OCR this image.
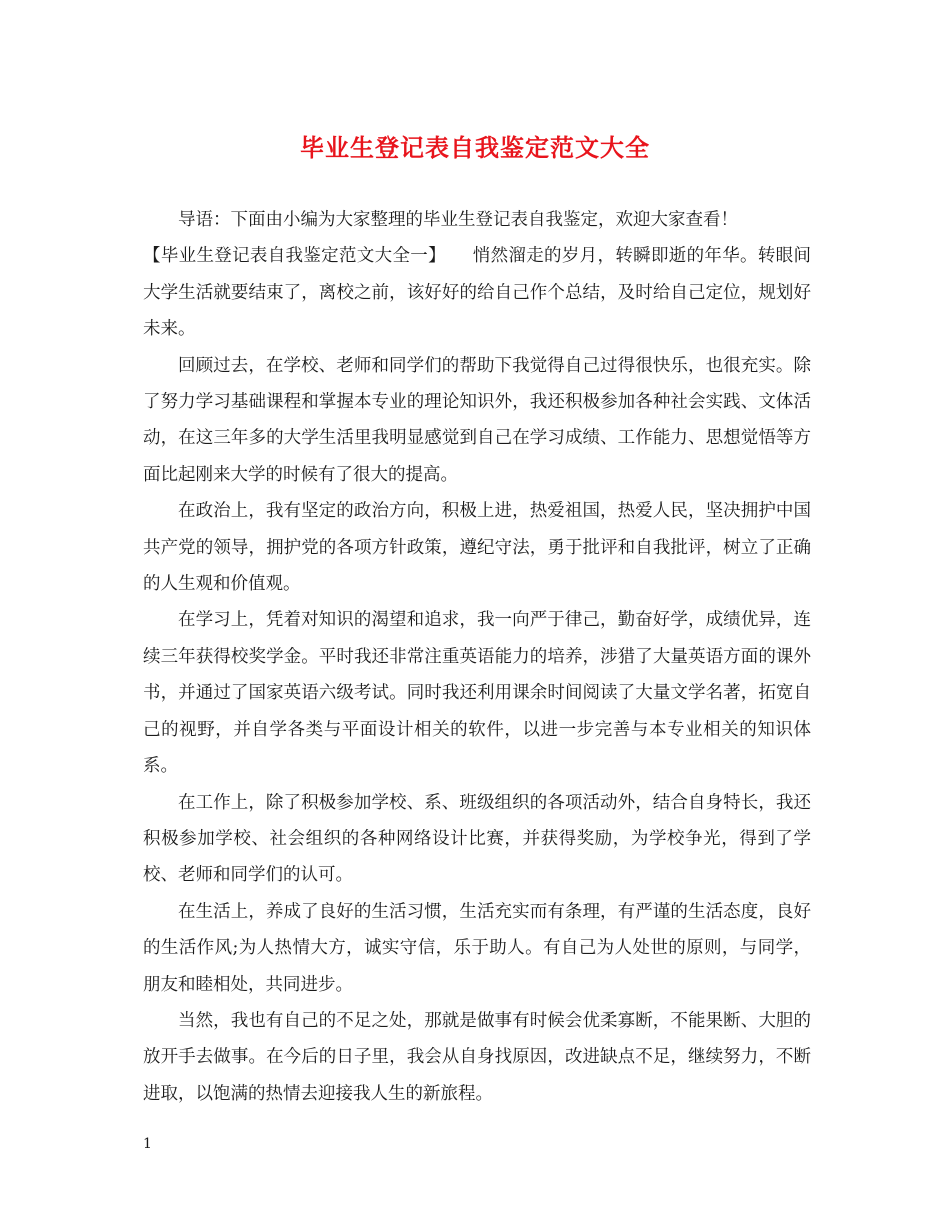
毕业生登记表自我鉴定范文大全

导语：下面由小编为大家整理的毕业生登记表自我鉴定，欢迎大家查看！

【毕业生登记表自我鉴定范文大全一】　　悄然溜走的岁月，转瞬即逝的年华。转眼间大学生活就要结束了，离校之前，该好好的给自己作个总结，及时给自己定位，规划好未来。

回顾过去，在学校、老师和同学们的帮助下我觉得自己过得很快乐，也很充实。除了努力学习基础课程和掌握本专业的理论知识外，我还积极参加各种社会实践、文体活动，在这三年多的大学生活里我明显感觉到自己在学习成绩、工作能力、思想觉悟等方面比起刚来大学的时候有了很大的提高。

在政治上，我有坚定的政治方向，积极上进，热爱祖国，热爱人民，坚决拥护中国共产党的领导，拥护党的各项方针政策，遵纪守法，勇于批评和自我批评，树立了正确的人生观和价值观。

在学习上，凭着对知识的渴望和追求，我一向严于律己，勤奋好学，成绩优异，连续三年获得校奖学金。平时我还非常注重英语能力的培养，涉猎了大量英语方面的课外书，并通过了国家英语六级考试。同时我还利用课余时间阅读了大量文学名著，拓宽自己的视野，并自学各类与平面设计相关的软件，以进一步完善与本专业相关的知识体系。

在工作上，除了积极参加学校、系、班级组织的各项活动外，结合自身特长，我还积极参加学校、社会组织的各种网络设计比赛，并获得奖励，为学校争光，得到了学校、老师和同学们的认可。

在生活上，养成了良好的生活习惯，生活充实而有条理，有严谨的生活态度，良好的生活作风;为人热情大方，诚实守信，乐于助人。有自己为人处世的原则，与同学，朋友和睦相处，共同进步。

当然，我也有自己的不足之处，那就是做事有时候会优柔寡断，不能果断、大胆的放开手去做事。在今后的日子里，我会从自身找原因，改进缺点不足，继续努力，不断进取，以饱满的热情去迎接我人生的新旅程。

1
